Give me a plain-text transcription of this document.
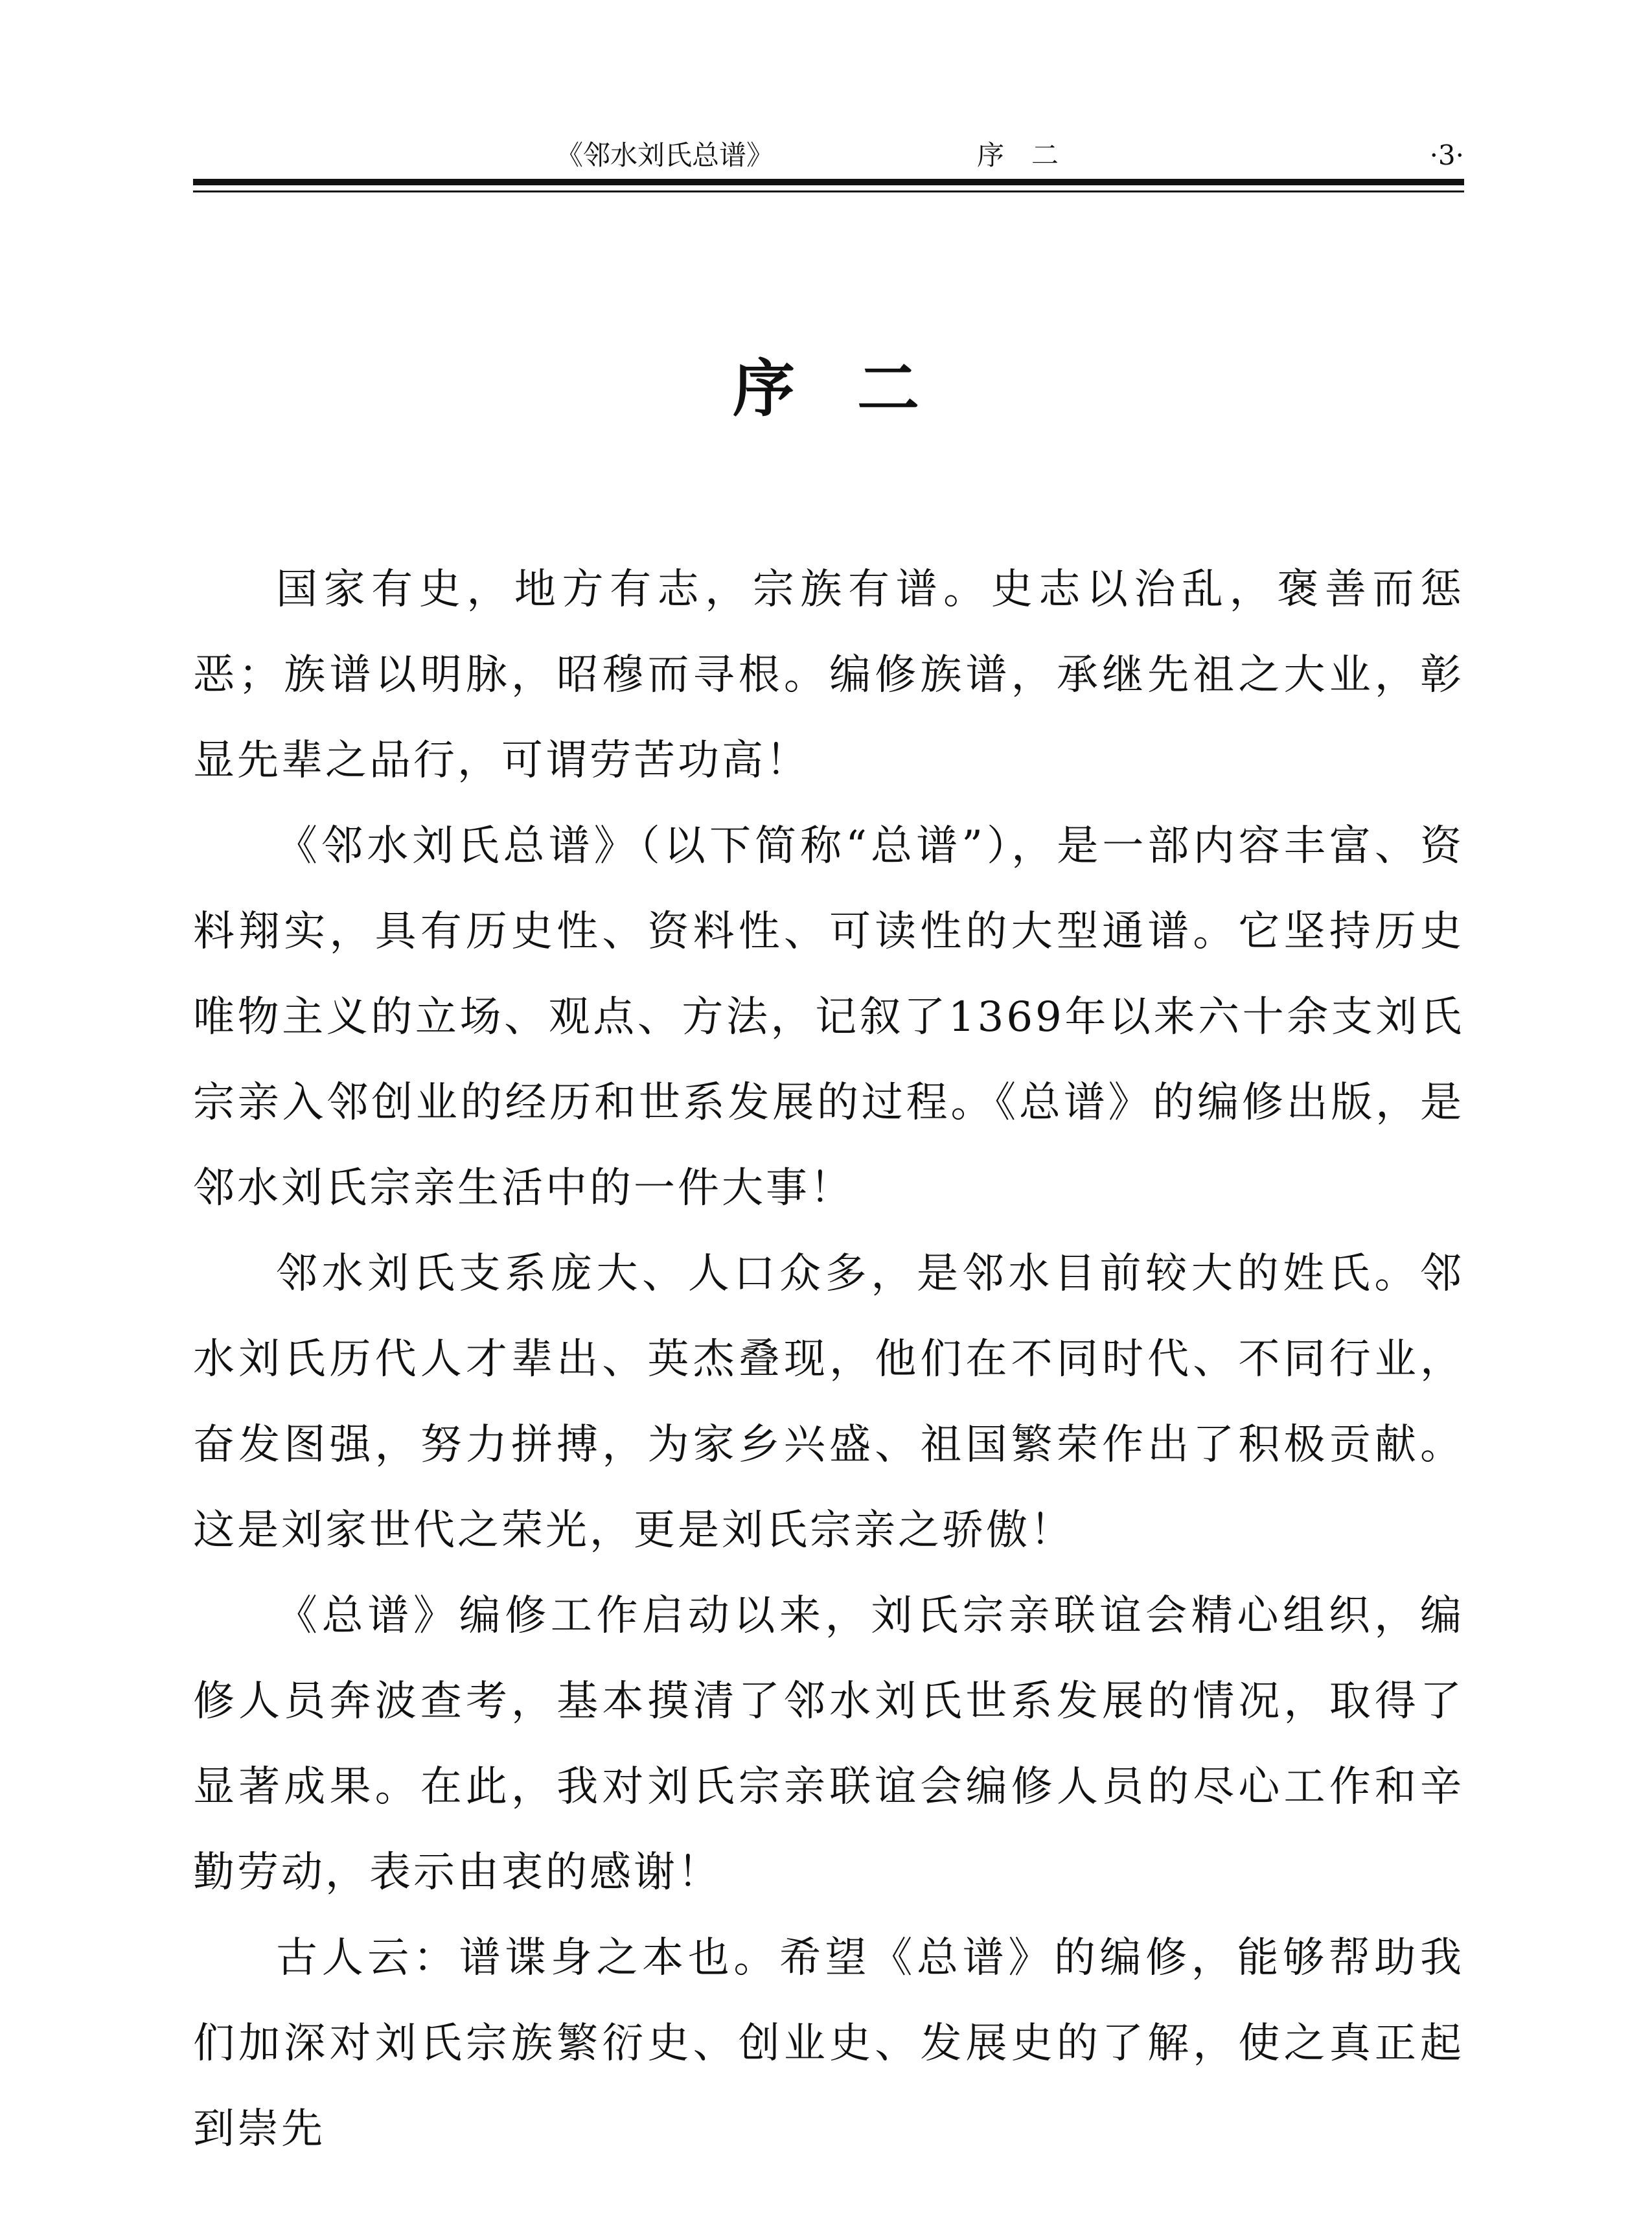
《邻水刘氏总谱》	序　二	·3·
序　二

国家有史，地方有志，宗族有谱。史志以治乱，褒善而惩恶；族谱以明脉，昭穆而寻根。编修族谱，承继先祖之大业，彰显先辈之品行，可谓劳苦功高！

《邻水刘氏总谱》（以下简称“总谱”），是一部内容丰富、资料翔实，具有历史性、资料性、可读性的大型通谱。它坚持历史唯物主义的立场、观点、方法，记叙了1369年以来六十余支刘氏宗亲入邻创业的经历和世系发展的过程。《总谱》的编修出版，是邻水刘氏宗亲生活中的一件大事！

邻水刘氏支系庞大、人口众多，是邻水目前较大的姓氏。邻水刘氏历代人才辈出、英杰叠现，他们在不同时代、不同行业，奋发图强，努力拼搏，为家乡兴盛、祖国繁荣作出了积极贡献。这是刘家世代之荣光，更是刘氏宗亲之骄傲！

《总谱》编修工作启动以来，刘氏宗亲联谊会精心组织，编修人员奔波查考，基本摸清了邻水刘氏世系发展的情况，取得了显著成果。在此，我对刘氏宗亲联谊会编修人员的尽心工作和辛勤劳动，表示由衷的感谢！

古人云：谱谍身之本也。希望《总谱》的编修，能够帮助我们加深对刘氏宗族繁衍史、创业史、发展史的了解，使之真正起到崇先
